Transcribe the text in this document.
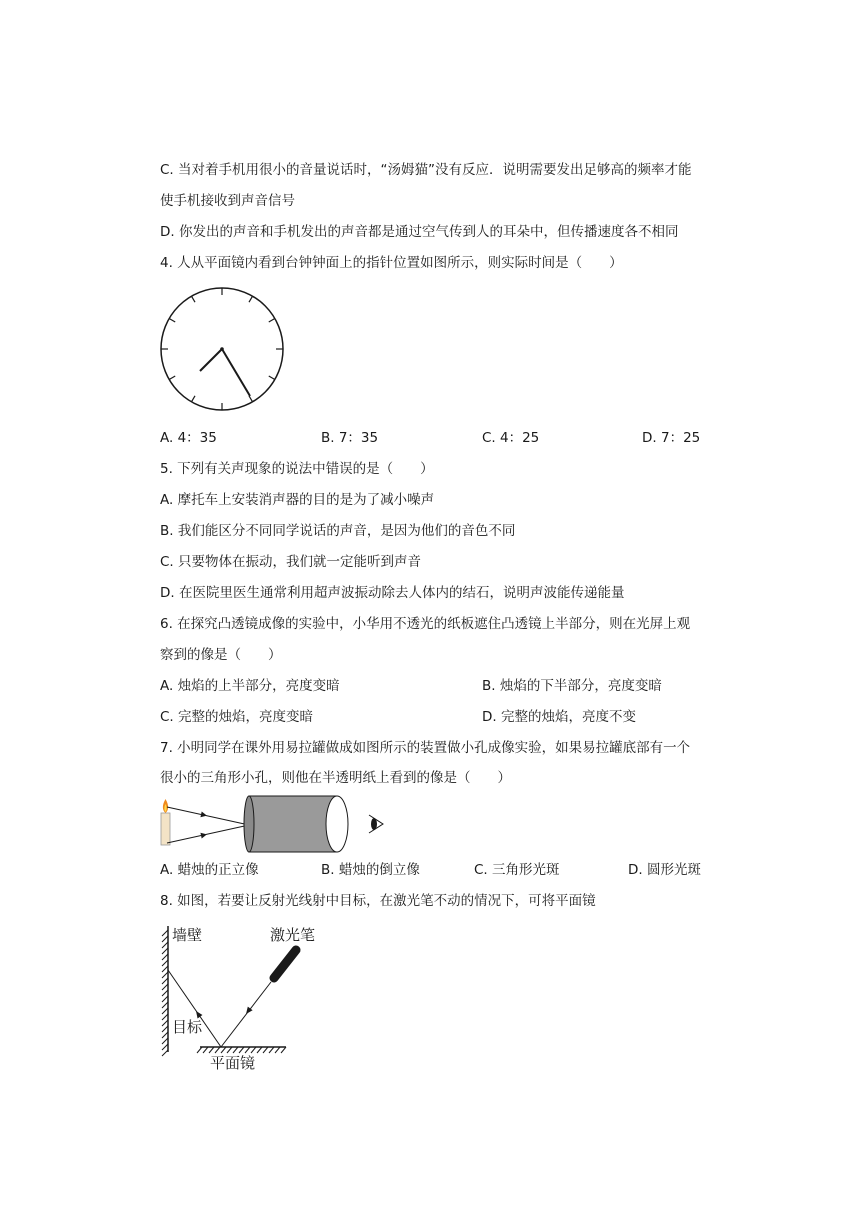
C. 当对着手机用很小的音量说话时，“汤姆猫”没有反应．说明需要发出足够高的频率才能
使手机接收到声音信号
D. 你发出的声音和手机发出的声音都是通过空气传到人的耳朵中，但传播速度各不相同
4. 人从平面镜内看到台钟钟面上的指针位置如图所示，则实际时间是（　　）
A. 4：35	B. 7：35	C. 4：25	D. 7：25
5. 下列有关声现象的说法中错误的是（　　）
A. 摩托车上安装消声器的目的是为了减小噪声
B. 我们能区分不同同学说话的声音，是因为他们的音色不同
C. 只要物体在振动，我们就一定能听到声音
D. 在医院里医生通常利用超声波振动除去人体内的结石，说明声波能传递能量
6. 在探究凸透镜成像的实验中，小华用不透光的纸板遮住凸透镜上半部分，则在光屏上观
察到的像是（　　）
A. 烛焰的上半部分，亮度变暗	B. 烛焰的下半部分，亮度变暗
C. 完整的烛焰，亮度变暗	D. 完整的烛焰，亮度不变
7. 小明同学在课外用易拉罐做成如图所示的装置做小孔成像实验，如果易拉罐底部有一个
很小的三角形小孔，则他在半透明纸上看到的像是（　　）
A. 蜡烛的正立像	B. 蜡烛的倒立像	C. 三角形光斑	D. 圆形光斑
8. 如图，若要让反射光线射中目标，在激光笔不动的情况下，可将平面镜
墙壁	激光笔
目标
平面镜
